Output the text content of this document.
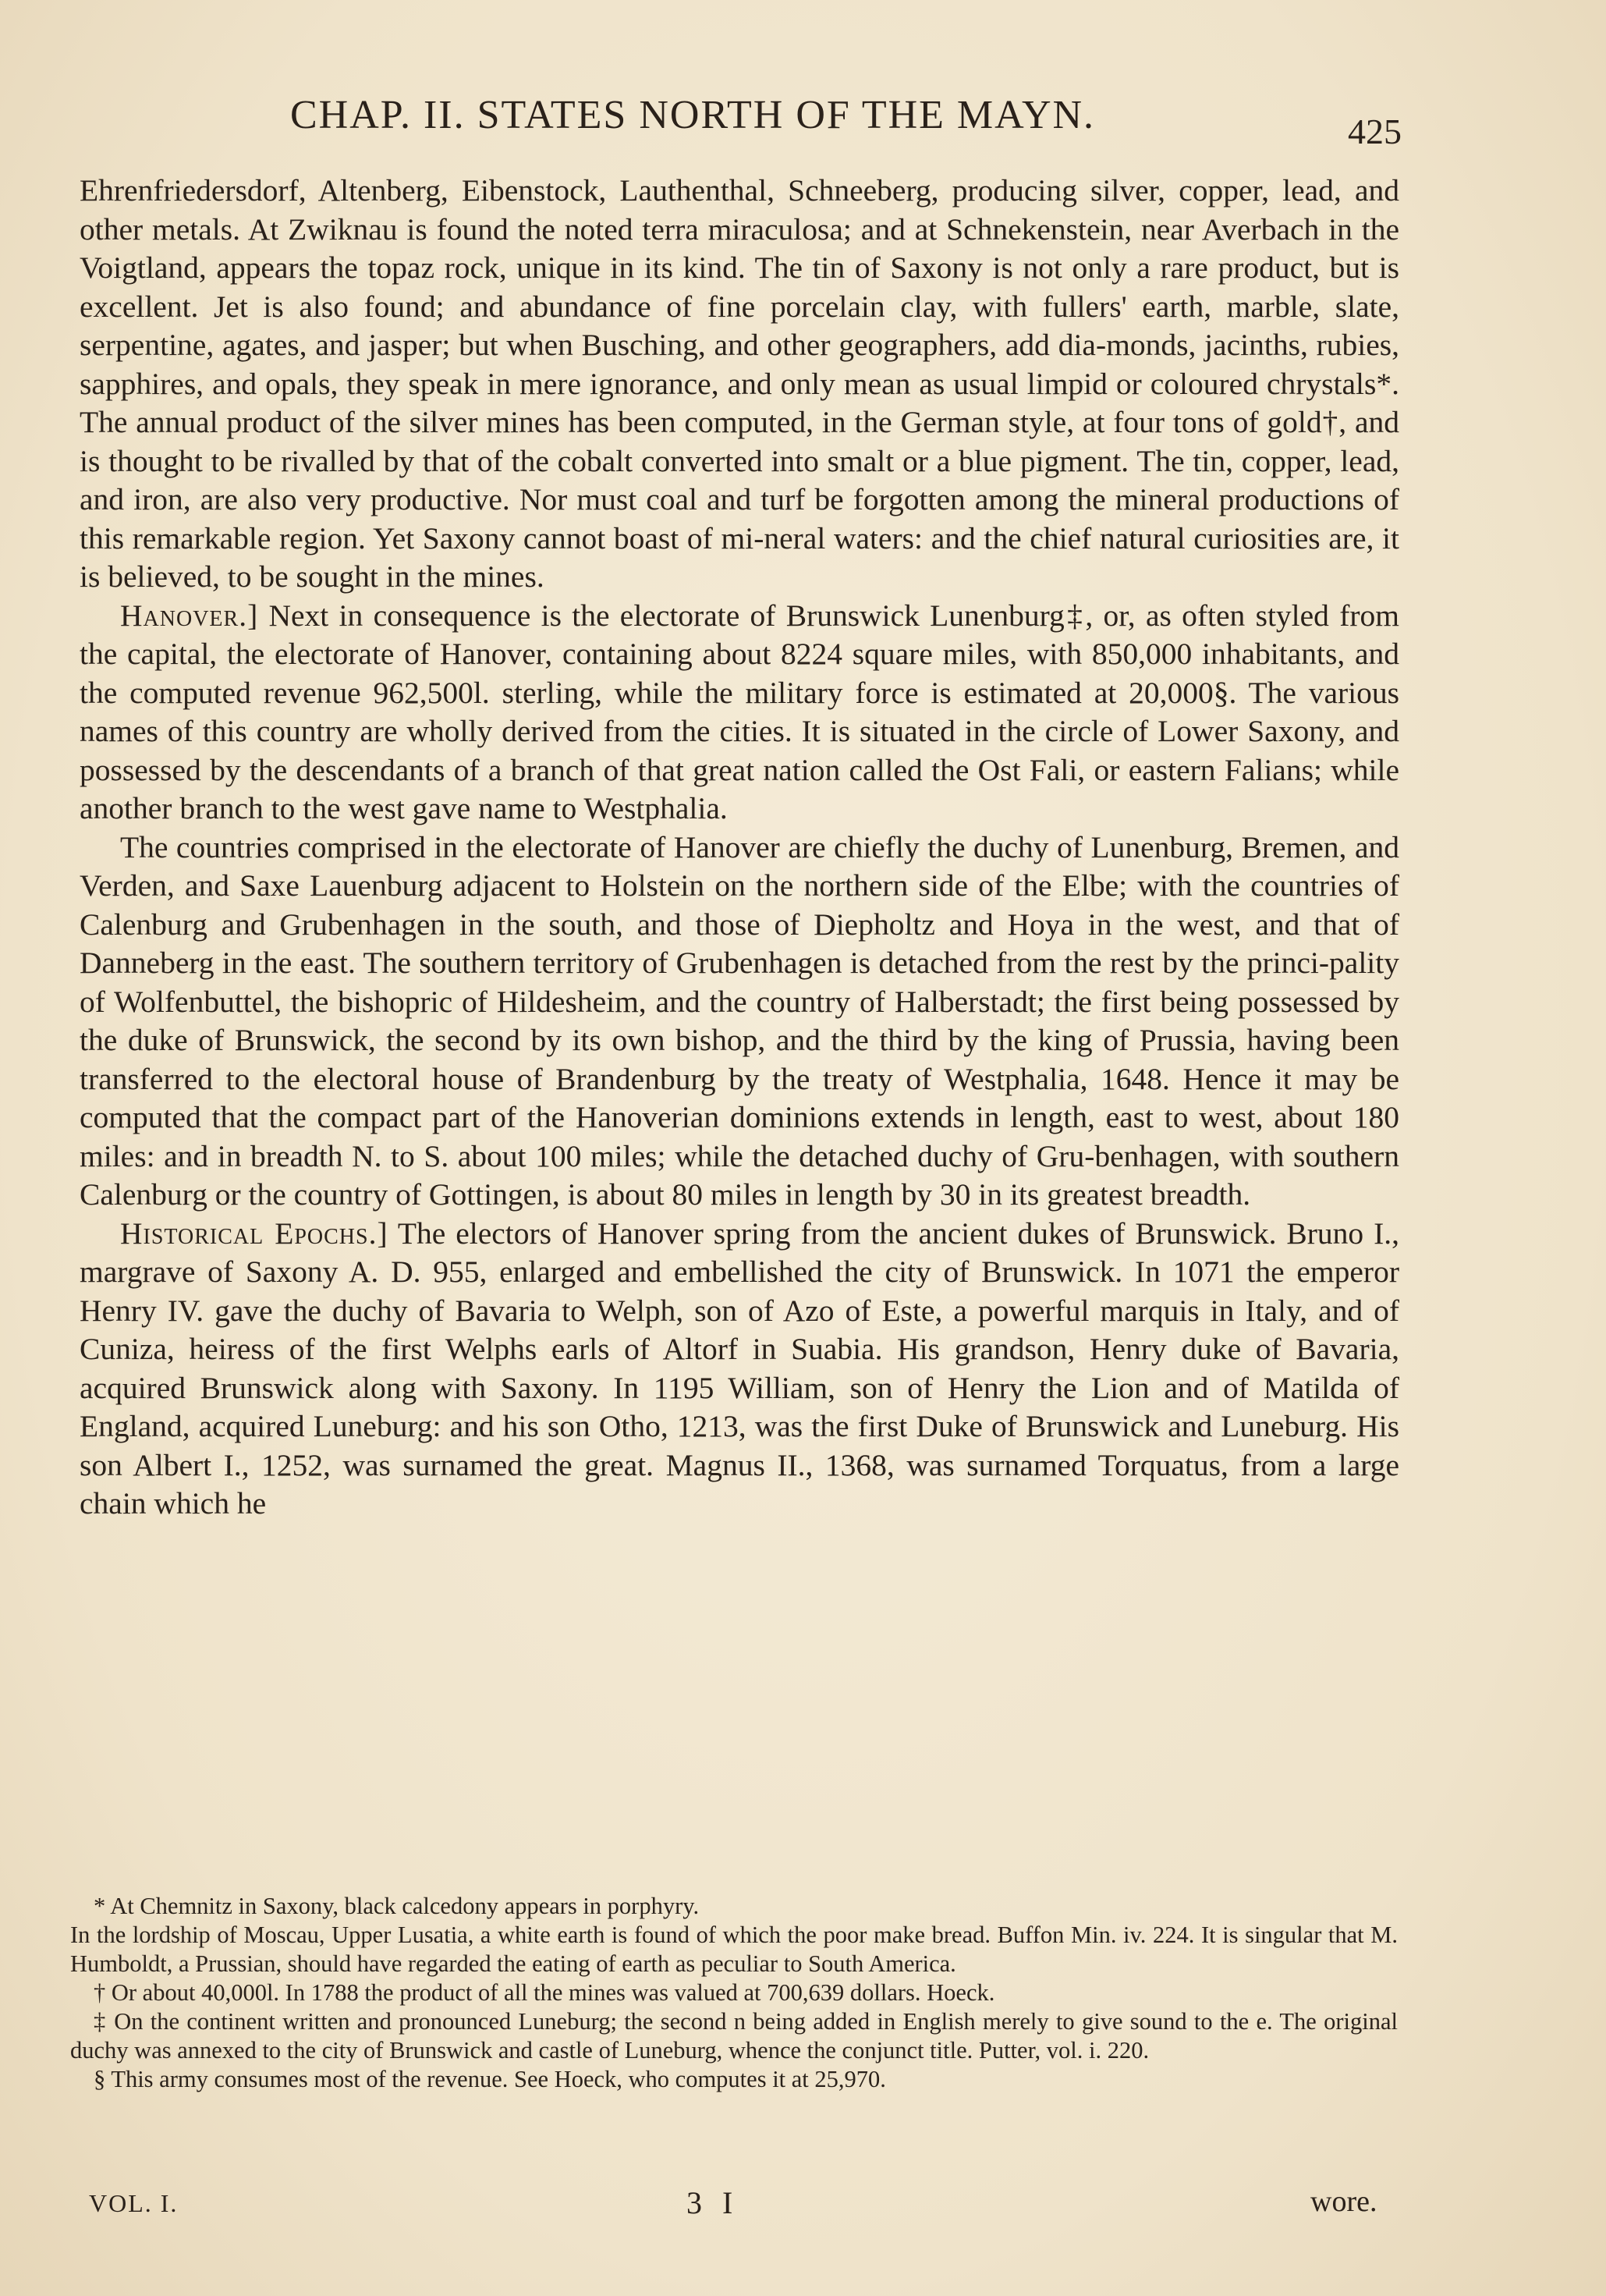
CHAP. II. STATES NORTH OF THE MAYN.	425

Ehrenfriedersdorf, Altenberg, Eibenstock, Lauthenthal, Schneeberg, producing silver, copper, lead, and other metals. At Zwiknau is found the noted terra miraculosa; and at Schnekenstein, near Averbach in the Voigtland, appears the topaz rock, unique in its kind. The tin of Saxony is not only a rare product, but is excellent. Jet is also found; and abundance of fine porcelain clay, with fullers' earth, marble, slate, serpentine, agates, and jasper; but when Busching, and other geographers, add dia-monds, jacinths, rubies, sapphires, and opals, they speak in mere ignorance, and only mean as usual limpid or coloured chrystals*. The annual product of the silver mines has been computed, in the German style, at four tons of gold†, and is thought to be rivalled by that of the cobalt converted into smalt or a blue pigment. The tin, copper, lead, and iron, are also very productive. Nor must coal and turf be forgotten among the mineral productions of this remarkable region. Yet Saxony cannot boast of mi-neral waters: and the chief natural curiosities are, it is believed, to be sought in the mines.

Hanover.] Next in consequence is the electorate of Brunswick Lunenburg‡, or, as often styled from the capital, the electorate of Hanover, containing about 8224 square miles, with 850,000 inhabitants, and the computed revenue 962,500l. sterling, while the military force is estimated at 20,000§. The various names of this country are wholly derived from the cities. It is situated in the circle of Lower Saxony, and possessed by the descendants of a branch of that great nation called the Ost Fali, or eastern Falians; while another branch to the west gave name to Westphalia.

The countries comprised in the electorate of Hanover are chiefly the duchy of Lunenburg, Bremen, and Verden, and Saxe Lauenburg adjacent to Holstein on the northern side of the Elbe; with the countries of Calenburg and Grubenhagen in the south, and those of Diepholtz and Hoya in the west, and that of Danneberg in the east. The southern territory of Grubenhagen is detached from the rest by the princi-pality of Wolfenbuttel, the bishopric of Hildesheim, and the country of Halberstadt; the first being possessed by the duke of Brunswick, the second by its own bishop, and the third by the king of Prussia, having been transferred to the electoral house of Brandenburg by the treaty of Westphalia, 1648. Hence it may be computed that the compact part of the Hanoverian dominions extends in length, east to west, about 180 miles: and in breadth N. to S. about 100 miles; while the detached duchy of Gru-benhagen, with southern Calenburg or the country of Gottingen, is about 80 miles in length by 30 in its greatest breadth.

Historical Epochs.] The electors of Hanover spring from the ancient dukes of Brunswick. Bruno I., margrave of Saxony A. D. 955, enlarged and embellished the city of Brunswick. In 1071 the emperor Henry IV. gave the duchy of Bavaria to Welph, son of Azo of Este, a powerful marquis in Italy, and of Cuniza, heiress of the first Welphs earls of Altorf in Suabia. His grandson, Henry duke of Bavaria, acquired Brunswick along with Saxony. In 1195 William, son of Henry the Lion and of Matilda of England, acquired Luneburg: and his son Otho, 1213, was the first Duke of Brunswick and Luneburg. His son Albert I., 1252, was surnamed the great. Magnus II., 1368, was surnamed Torquatus, from a large chain which he

* At Chemnitz in Saxony, black calcedony appears in porphyry.

In the lordship of Moscau, Upper Lusatia, a white earth is found of which the poor make bread. Buffon Min. iv. 224. It is singular that M. Humboldt, a Prussian, should have regarded the eating of earth as peculiar to South America.

† Or about 40,000l. In 1788 the product of all the mines was valued at 700,639 dollars. Hoeck.

‡ On the continent written and pronounced Luneburg; the second n being added in English merely to give sound to the e. The original duchy was annexed to the city of Brunswick and castle of Luneburg, whence the conjunct title. Putter, vol. i. 220.

§ This army consumes most of the revenue. See Hoeck, who computes it at 25,970.

VOL. I.	3 I	wore.
